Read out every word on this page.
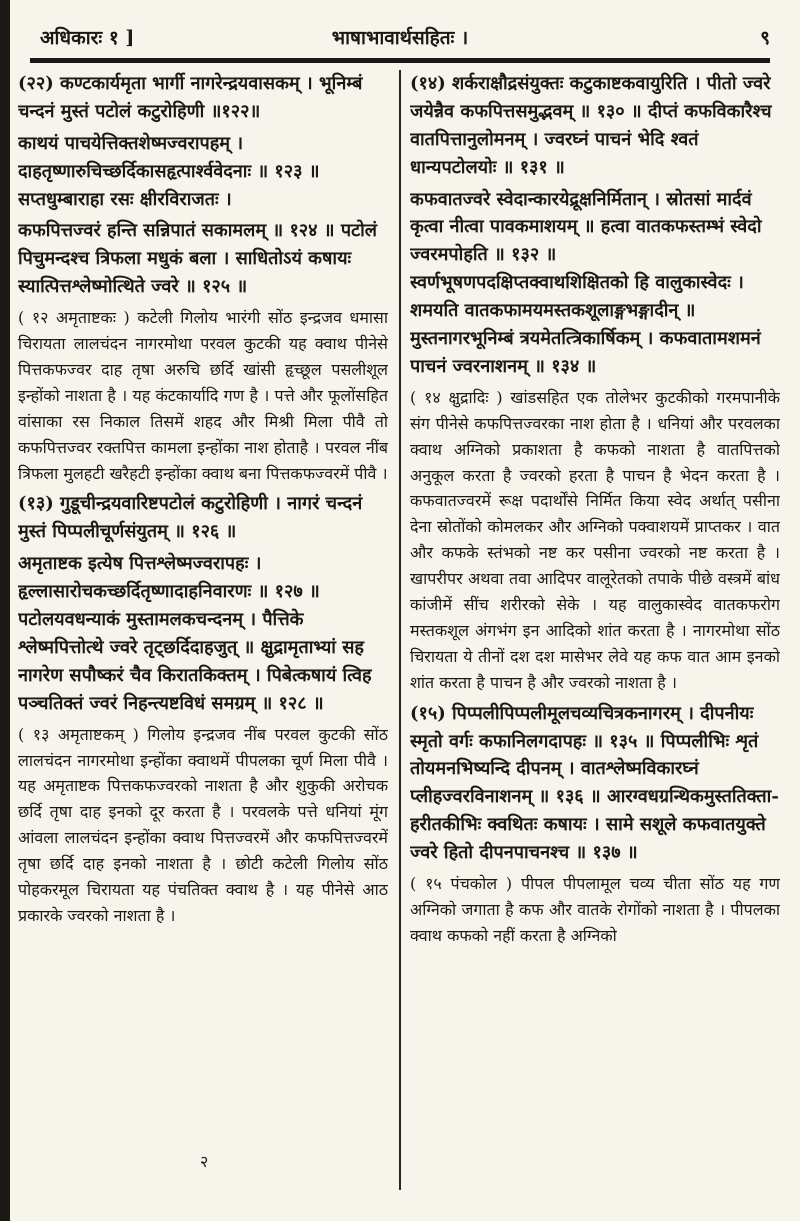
अधिकारः १ ]	भाषाभावार्थसहितः ।	९
(२२) कण्टकार्यमृता भार्गी नागरेन्द्रयवासकम् । भूनिम्बं चन्दनं मुस्तं पटोलं कटुरोहिणी ॥१२२॥
काथयं पाचयेत्तिक्तशेष्मज्वरापहम् । दाहतृष्णारुचिच्छर्दिकासहृत्पार्श्ववेदनाः ॥ १२३ ॥ सप्तधुम्बाराहा रसः क्षीरविराजतः ।
कफपित्तज्वरं हन्ति सन्निपातं सकामलम् ॥ १२४ ॥ पटोलं पिचुमन्दश्च त्रिफला मधुकं बला । साधितोऽयं कषायः स्यात्पित्तश्लेष्मोत्थिते ज्वरे ॥ १२५ ॥
( १२ अमृताष्टकः ) कटेली गिलोय भारंगी सोंठ इन्द्रजव धमासा चिरायता लालचंदन नागरमोथा परवल कुटकी यह क्वाथ पीनेसे पित्तकफज्वर दाह तृषा अरुचि छर्दि खांसी हृच्छूल पसलीशूल इन्होंको नाशता है । यह कंटकार्यादि गण है । पत्ते और फूलोंसहित वांसाका रस निकाल तिसमें शहद और मिश्री मिला पीवै तो कफपित्तज्वर रक्तपित्त कामला इन्होंका नाश होताहै । परवल नींब त्रिफला मुलहटी खरैहटी इन्होंका क्वाथ बना पित्तकफज्वरमें पीवै ।
(१३) गुडूचीन्द्रयवारिष्टपटोलं कटुरोहिणी । नागरं चन्दनं मुस्तं पिप्पलीचूर्णसंयुतम् ॥ १२६ ॥
अमृताष्टक इत्येष पित्तश्लेष्मज्वरापहः । हृल्लासारोचकच्छर्दितृष्णादाहनिवारणः ॥ १२७ ॥ पटोलयवधन्याकं मुस्तामलकचन्दनम् । पैत्तिके श्लेष्मपित्तोत्थे ज्वरे तृट्छर्दिदाहजुत् ॥ क्षुद्रामृताभ्यां सह नागरेण सपौष्करं चैव किरातकिक्तम् । पिबेत्कषायं त्विह पञ्चतिक्तं ज्वरं निहन्त्यष्टविधं समग्रम् ॥ १२८ ॥
( १३ अमृताष्टकम् ) गिलोय इन्द्रजव नींब परवल कुटकी सोंठ लालचंदन नागरमोथा इन्होंका क्वाथमें पीपलका चूर्ण मिला पीवै । यह अमृताष्टक पित्तकफज्वरको नाशता है और शुकुकी अरोचक छर्दि तृषा दाह इनको दूर करता है । परवलके पत्ते धनियां मूंग आंवला लालचंदन इन्होंका क्वाथ पित्तज्वरमें और कफपित्तज्वरमें तृषा छर्दि दाह इनको नाशता है । छोटी कटेली गिलोय सोंठ पोहकरमूल चिरायता यह पंचतिक्त क्वाथ है । यह पीनेसे आठ प्रकारके ज्वरको नाशता है ।
(१४) शर्कराक्षौद्रसंयुक्तः कटुकाष्टकवायुरिति । पीतो ज्वरे जयेन्नैव कफपित्तसमुद्भवम् ॥ १३० ॥ दीप्तं कफविकारैश्च वातपित्तानुलोमनम् । ज्वरघ्नं पाचनं भेदि श्वतं धान्यपटोलयोः ॥ १३१ ॥
कफवातज्वरे स्वेदान्कारयेद्रूक्षनिर्मितान् । स्रोतसां मार्दवं कृत्वा नीत्वा पावकमाशयम् ॥ हत्वा वातकफस्तम्भं स्वेदो ज्वरमपोहति ॥ १३२ ॥ स्वर्णभूषणपदक्षिप्तक्वाथशिक्षितको हि वालुकास्वेदः । शमयति वातकफामयमस्तकशूलाङ्गभङ्गादीन् ॥ मुस्तनागरभूनिम्बं त्रयमेतत्त्रिकार्षिकम् । कफवातामशमनं पाचनं ज्वरनाशनम् ॥ १३४ ॥
( १४ क्षुद्रादिः ) खांडसहित एक तोलेभर कुटकीको गरमपानीके संग पीनेसे कफपित्तज्वरका नाश होता है । धनियां और परवलका क्वाथ अग्निको प्रकाशता है कफको नाशता है वातपित्तको अनुकूल करता है ज्वरको हरता है पाचन है भेदन करता है । कफवातज्वरमें रूक्ष पदार्थोंसे निर्मित किया स्वेद अर्थात् पसीना देना स्रोतोंको कोमलकर और अग्निको पक्वाशयमें प्राप्तकर । वात और कफके स्तंभको नष्ट कर पसीना ज्वरको नष्ट करता है । खापरीपर अथवा तवा आदिपर वालूरेतको तपाके पीछे वस्त्रमें बांध कांजीमें सींच शरीरको सेके । यह वालुकास्वेद वातकफरोग मस्तकशूल अंगभंग इन आदिको शांत करता है । नागरमोथा सोंठ चिरायता ये तीनों दश दश मासेभर लेवे यह कफ वात आम इनको शांत करता है पाचन है और ज्वरको नाशता है ।
(१५) पिप्पलीपिप्पलीमूलचव्यचित्रकनागरम् । दीपनीयः स्मृतो वर्गः कफानिलगदापहः ॥ १३५ ॥ पिप्पलीभिः शृतं तोयमनभिष्यन्दि दीपनम् । वातश्लेष्मविकारघ्नं प्लीहज्वरविनाशनम् ॥ १३६ ॥ आरग्वधग्रन्थिकमुस्ततिक्ता-हरीतकीभिः क्वथितः कषायः । सामे सशूले कफवातयुक्ते ज्वरे हितो दीपनपाचनश्च ॥ १३७ ॥
( १५ पंचकोल ) पीपल पीपलामूल चव्य चीता सोंठ यह गण अग्निको जगाता है कफ और वातके रोगोंको नाशता है । पीपलका क्वाथ कफको नहीं करता है अग्निको
२
